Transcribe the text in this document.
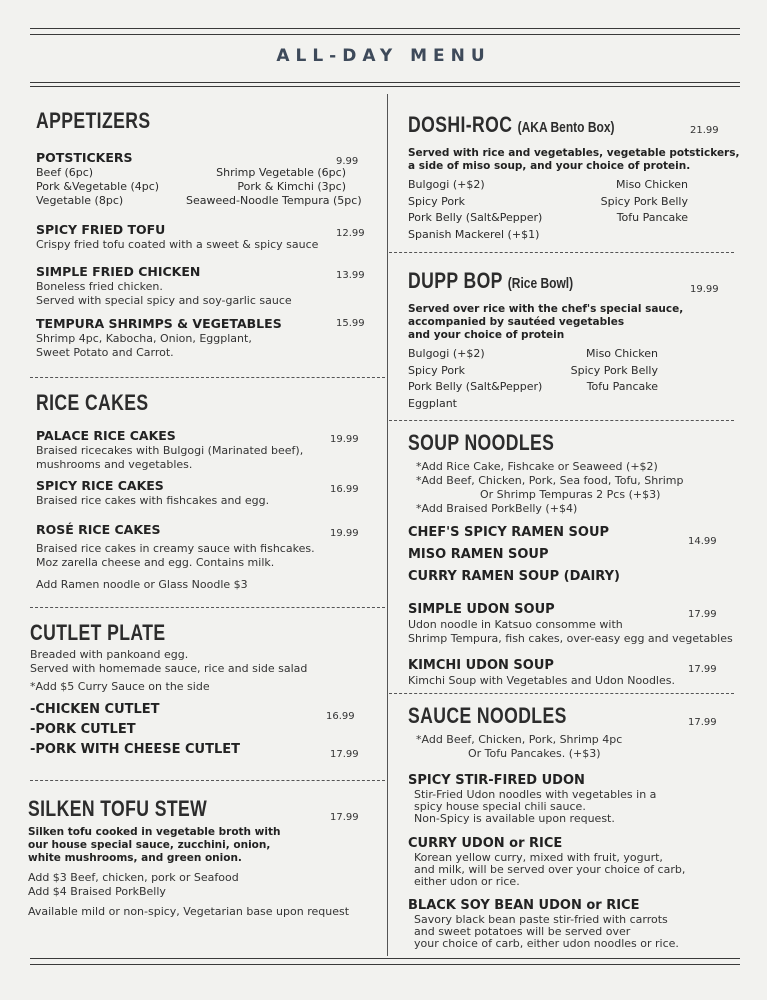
ALL-DAY MENU
APPETIZERS
POTSTICKERS
Beef (6pc)	Shrimp Vegetable (6pc)
Pork &Vegetable (4pc)	Pork & Kimchi (3pc)
Vegetable (8pc)	Seaweed-Noodle Tempura (5pc)
9.99
SPICY FRIED TOFU
Crispy fried tofu coated with a sweet & spicy sauce
12.99
SIMPLE FRIED CHICKEN
Boneless fried chicken.
Served with special spicy and soy-garlic sauce
13.99
TEMPURA SHRIMPS & VEGETABLES
Shrimp 4pc, Kabocha, Onion, Eggplant,
Sweet Potato and Carrot.
15.99
RICE CAKES
PALACE RICE CAKES
Braised ricecakes with Bulgogi (Marinated beef),
mushrooms and vegetables.
19.99
SPICY RICE CAKES
Braised rice cakes with fishcakes and egg.
16.99
ROSÉ RICE CAKES
Braised rice cakes in creamy sauce with fishcakes.
Moz zarella cheese and egg. Contains milk.
Add Ramen noodle or Glass Noodle $3
19.99
CUTLET PLATE
Breaded with pankoand egg.
Served with homemade sauce, rice and side salad
*Add $5 Curry Sauce on the side
-CHICKEN CUTLET
-PORK CUTLET
-PORK WITH CHEESE CUTLET
16.99
17.99
SILKEN TOFU STEW
Silken tofu cooked in vegetable broth with
our house special sauce, zucchini, onion,
white mushrooms, and green onion.
Add $3 Beef, chicken, pork or Seafood
Add $4 Braised PorkBelly
Available mild or non-spicy, Vegetarian base upon request
17.99
DOSHI-ROC (AKA Bento Box)
Served with rice and vegetables, vegetable potstickers,
a side of miso soup, and your choice of protein.
Bulgogi (+$2)	Miso Chicken
Spicy Pork	Spicy Pork Belly
Pork Belly (Salt&Pepper)	Tofu Pancake
Spanish Mackerel (+$1)
21.99
DUPP BOP (Rice Bowl)
Served over rice with the chef's special sauce,
accompanied by sautéed vegetables
and your choice of protein
Bulgogi (+$2)	Miso Chicken
Spicy Pork	Spicy Pork Belly
Pork Belly (Salt&Pepper)	Tofu Pancake
Eggplant
19.99
SOUP NOODLES
*Add Rice Cake, Fishcake or Seaweed (+$2)
*Add Beef, Chicken, Pork, Sea food, Tofu, Shrimp
Or Shrimp Tempuras 2 Pcs (+$3)
*Add Braised PorkBelly (+$4)
CHEF'S SPICY RAMEN SOUP
MISO RAMEN SOUP
CURRY RAMEN SOUP (DAIRY)
14.99
SIMPLE UDON SOUP
Udon noodle in Katsuo consomme with
Shrimp Tempura, fish cakes, over-easy egg and vegetables
17.99
KIMCHI UDON SOUP
Kimchi Soup with Vegetables and Udon Noodles.
17.99
SAUCE NOODLES
*Add Beef, Chicken, Pork, Shrimp 4pc
Or Tofu Pancakes. (+$3)
17.99
SPICY STIR-FIRED UDON
Stir-Fried Udon noodles with vegetables in a
spicy house special chili sauce.
Non-Spicy is available upon request.
CURRY UDON or RICE
Korean yellow curry, mixed with fruit, yogurt,
and milk, will be served over your choice of carb,
either udon or rice.
BLACK SOY BEAN UDON or RICE
Savory black bean paste stir-fried with carrots
and sweet potatoes will be served over
your choice of carb, either udon noodles or rice.
